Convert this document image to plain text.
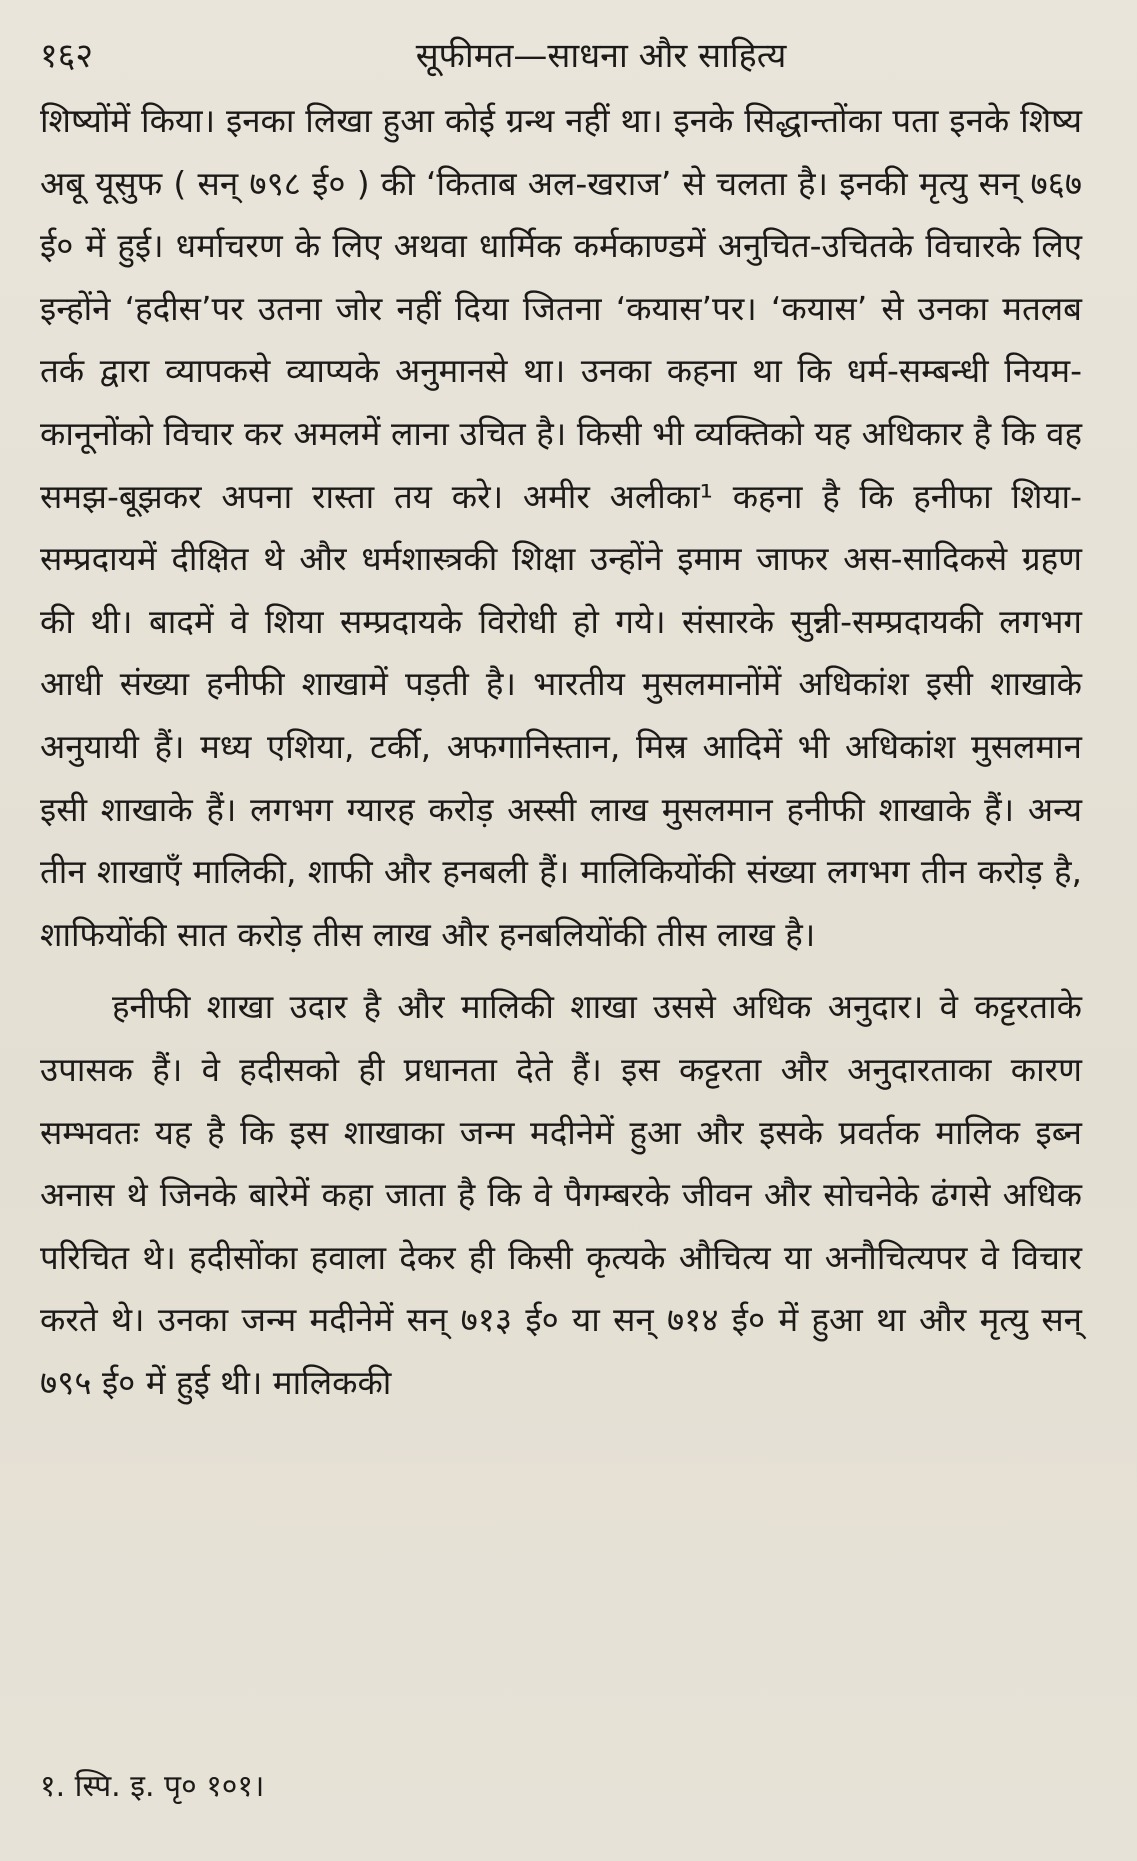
१६२	सूफीमत—साधना और साहित्य

शिष्योंमें किया। इनका लिखा हुआ कोई ग्रन्थ नहीं था। इनके सिद्धान्तोंका पता इनके शिष्य अबू यूसुफ ( सन् ७९८ ई० ) की ‘किताब अल-खराज’ से चलता है। इनकी मृत्यु सन् ७६७ ई० में हुई। धर्माचरण के लिए अथवा धार्मिक कर्मकाण्डमें अनुचित-उचितके विचारके लिए इन्होंने ‘हदीस’पर उतना जोर नहीं दिया जितना ‘कयास’पर। ‘कयास’ से उनका मतलब तर्क द्वारा व्यापकसे व्याप्यके अनुमानसे था। उनका कहना था कि धर्म-सम्बन्धी नियम-कानूनोंको विचार कर अमलमें लाना उचित है। किसी भी व्यक्तिको यह अधिकार है कि वह समझ-बूझकर अपना रास्ता तय करे। अमीर अलीका¹ कहना है कि हनीफा शिया-सम्प्रदायमें दीक्षित थे और धर्मशास्त्रकी शिक्षा उन्होंने इमाम जाफर अस-सादिकसे ग्रहण की थी। बादमें वे शिया सम्प्रदायके विरोधी हो गये। संसारके सुन्नी-सम्प्रदायकी लगभग आधी संख्या हनीफी शाखामें पड़ती है। भारतीय मुसलमानोंमें अधिकांश इसी शाखाके अनुयायी हैं। मध्य एशिया, टर्की, अफगानिस्तान, मिस्र आदिमें भी अधिकांश मुसलमान इसी शाखाके हैं। लगभग ग्यारह करोड़ अस्सी लाख मुसलमान हनीफी शाखाके हैं। अन्य तीन शाखाएँ मालिकी, शाफी और हनबली हैं। मालिकियोंकी संख्या लगभग तीन करोड़ है, शाफियोंकी सात करोड़ तीस लाख और हनबलियोंकी तीस लाख है।

हनीफी शाखा उदार है और मालिकी शाखा उससे अधिक अनुदार। वे कट्टरताके उपासक हैं। वे हदीसको ही प्रधानता देते हैं। इस कट्टरता और अनुदारताका कारण सम्भवतः यह है कि इस शाखाका जन्म मदीनेमें हुआ और इसके प्रवर्तक मालिक इब्न अनास थे जिनके बारेमें कहा जाता है कि वे पैगम्बरके जीवन और सोचनेके ढंगसे अधिक परिचित थे। हदीसोंका हवाला देकर ही किसी कृत्यके औचित्य या अनौचित्यपर वे विचार करते थे। उनका जन्म मदीनेमें सन् ७१३ ई० या सन् ७१४ ई० में हुआ था और मृत्यु सन् ७९५ ई० में हुई थी। मालिककी

१. स्पि. इ. पृ० १०१।
